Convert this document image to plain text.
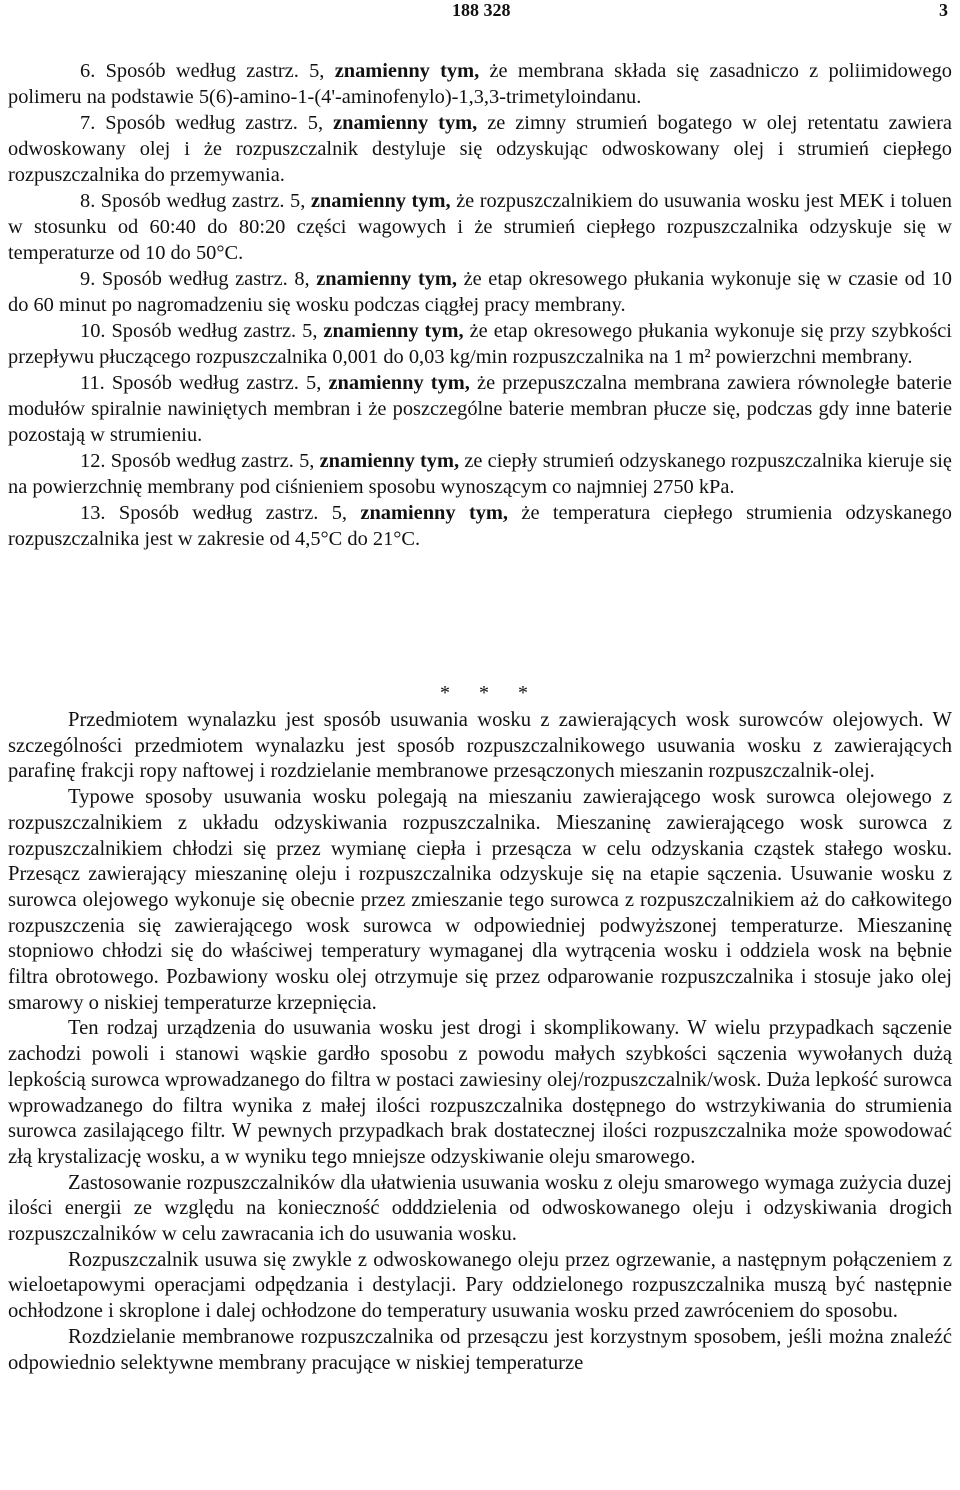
188 328	3

6. Sposób według zastrz. 5, znamienny tym, że membrana składa się zasadniczo z poliimidowego polimeru na podstawie 5(6)-amino-1-(4'-aminofenylo)-1,3,3-trimetyloindanu.

7. Sposób według zastrz. 5, znamienny tym, ze zimny strumień bogatego w olej retentatu zawiera odwoskowany olej i że rozpuszczalnik destyluje się odzyskując odwoskowany olej i strumień ciepłego rozpuszczalnika do przemywania.

8. Sposób według zastrz. 5, znamienny tym, że rozpuszczalnikiem do usuwania wosku jest MEK i toluen w stosunku od 60:40 do 80:20 części wagowych i że strumień ciepłego rozpuszczalnika odzyskuje się w temperaturze od 10 do 50°C.

9. Sposób według zastrz. 8, znamienny tym, że etap okresowego płukania wykonuje się w czasie od 10 do 60 minut po nagromadzeniu się wosku podczas ciągłej pracy membrany.

10. Sposób według zastrz. 5, znamienny tym, że etap okresowego płukania wykonuje się przy szybkości przepływu płuczącego rozpuszczalnika 0,001 do 0,03 kg/min rozpuszczalnika na 1 m² powierzchni membrany.

11. Sposób według zastrz. 5, znamienny tym, że przepuszczalna membrana zawiera równoległe baterie modułów spiralnie nawiniętych membran i że poszczególne baterie membran płucze się, podczas gdy inne baterie pozostają w strumieniu.

12. Sposób według zastrz. 5, znamienny tym, ze ciepły strumień odzyskanego rozpuszczalnika kieruje się na powierzchnię membrany pod ciśnieniem sposobu wynoszącym co najmniej 2750 kPa.

13. Sposób według zastrz. 5, znamienny tym, że temperatura ciepłego strumienia odzyskanego rozpuszczalnika jest w zakresie od 4,5°C do 21°C.

* * *

Przedmiotem wynalazku jest sposób usuwania wosku z zawierających wosk surowców olejowych. W szczególności przedmiotem wynalazku jest sposób rozpuszczalnikowego usuwania wosku z zawierających parafinę frakcji ropy naftowej i rozdzielanie membranowe przesączonych mieszanin rozpuszczalnik-olej.

Typowe sposoby usuwania wosku polegają na mieszaniu zawierającego wosk surowca olejowego z rozpuszczalnikiem z układu odzyskiwania rozpuszczalnika. Mieszaninę zawierającego wosk surowca z rozpuszczalnikiem chłodzi się przez wymianę ciepła i przesącza w celu odzyskania cząstek stałego wosku. Przesącz zawierający mieszaninę oleju i rozpuszczalnika odzyskuje się na etapie sączenia. Usuwanie wosku z surowca olejowego wykonuje się obecnie przez zmieszanie tego surowca z rozpuszczalnikiem aż do całkowitego rozpuszczenia się zawierającego wosk surowca w odpowiedniej podwyższonej temperaturze. Mieszaninę stopniowo chłodzi się do właściwej temperatury wymaganej dla wytrącenia wosku i oddziela wosk na bębnie filtra obrotowego. Pozbawiony wosku olej otrzymuje się przez odparowanie rozpuszczalnika i stosuje jako olej smarowy o niskiej temperaturze krzepnięcia.

Ten rodzaj urządzenia do usuwania wosku jest drogi i skomplikowany. W wielu przypadkach sączenie zachodzi powoli i stanowi wąskie gardło sposobu z powodu małych szybkości sączenia wywołanych dużą lepkością surowca wprowadzanego do filtra w postaci zawiesiny olej/rozpuszczalnik/wosk. Duża lepkość surowca wprowadzanego do filtra wynika z małej ilości rozpuszczalnika dostępnego do wstrzykiwania do strumienia surowca zasilającego filtr. W pewnych przypadkach brak dostatecznej ilości rozpuszczalnika może spowodować złą krystalizację wosku, a w wyniku tego mniejsze odzyskiwanie oleju smarowego.

Zastosowanie rozpuszczalników dla ułatwienia usuwania wosku z oleju smarowego wymaga zużycia duzej ilości energii ze względu na konieczność odddzielenia od odwoskowanego oleju i odzyskiwania drogich rozpuszczalników w celu zawracania ich do usuwania wosku.

Rozpuszczalnik usuwa się zwykle z odwoskowanego oleju przez ogrzewanie, a następnym połączeniem z wieloetapowymi operacjami odpędzania i destylacji. Pary oddzielonego rozpuszczalnika muszą być następnie ochłodzone i skroplone i dalej ochłodzone do temperatury usuwania wosku przed zawróceniem do sposobu.

Rozdzielanie membranowe rozpuszczalnika od przesączu jest korzystnym sposobem, jeśli można znaleźć odpowiednio selektywne membrany pracujące w niskiej temperaturze
